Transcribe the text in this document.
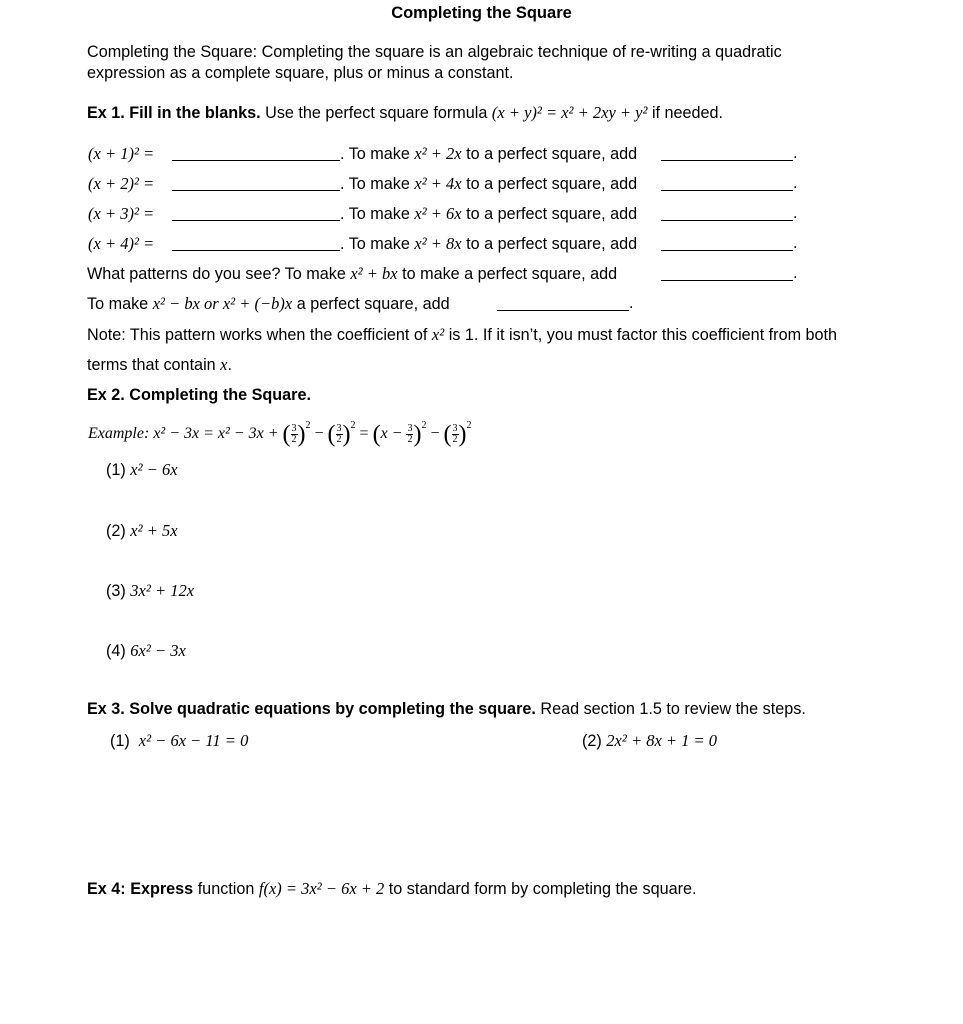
Completing the Square
Completing the Square: Completing the square is an algebraic technique of re-writing a quadratic
expression as a complete square, plus or minus a constant.
Ex 1. Fill in the blanks. Use the perfect square formula (x + y)² = x² + 2xy + y² if needed.
(x + 1)² =	. To make x² + 2x to a perfect square, add	.
(x + 2)² =	. To make x² + 4x to a perfect square, add	.
(x + 3)² =	. To make x² + 6x to a perfect square, add	.
(x + 4)² =	. To make x² + 8x to a perfect square, add	.
What patterns do you see? To make x² + bx to make a perfect square, add	.
To make x² − bx or x² + (−b)x a perfect square, add	.
Note: This pattern works when the coefficient of x² is 1. If it isn’t, you must factor this coefficient from both
terms that contain x.
Ex 2. Completing the Square.
Example: x² − 3x = x² − 3x + ( $\frac{3}{2} )^2$ − ( $\frac{3}{2} )^2 = (x - \frac{3}{2} )^2$ − ( $\frac{3}{2} )^2$
(1) x² − 6x
(2) x² + 5x
(3) 3x² + 12x
(4) 6x² − 3x
Ex 3. Solve quadratic equations by completing the square. Read section 1.5 to review the steps.
(1) x² − 6x − 11 = 0	(2) 2x² + 8x + 1 = 0
Ex 4: Express function f(x) = 3x² − 6x + 2 to standard form by completing the square.
